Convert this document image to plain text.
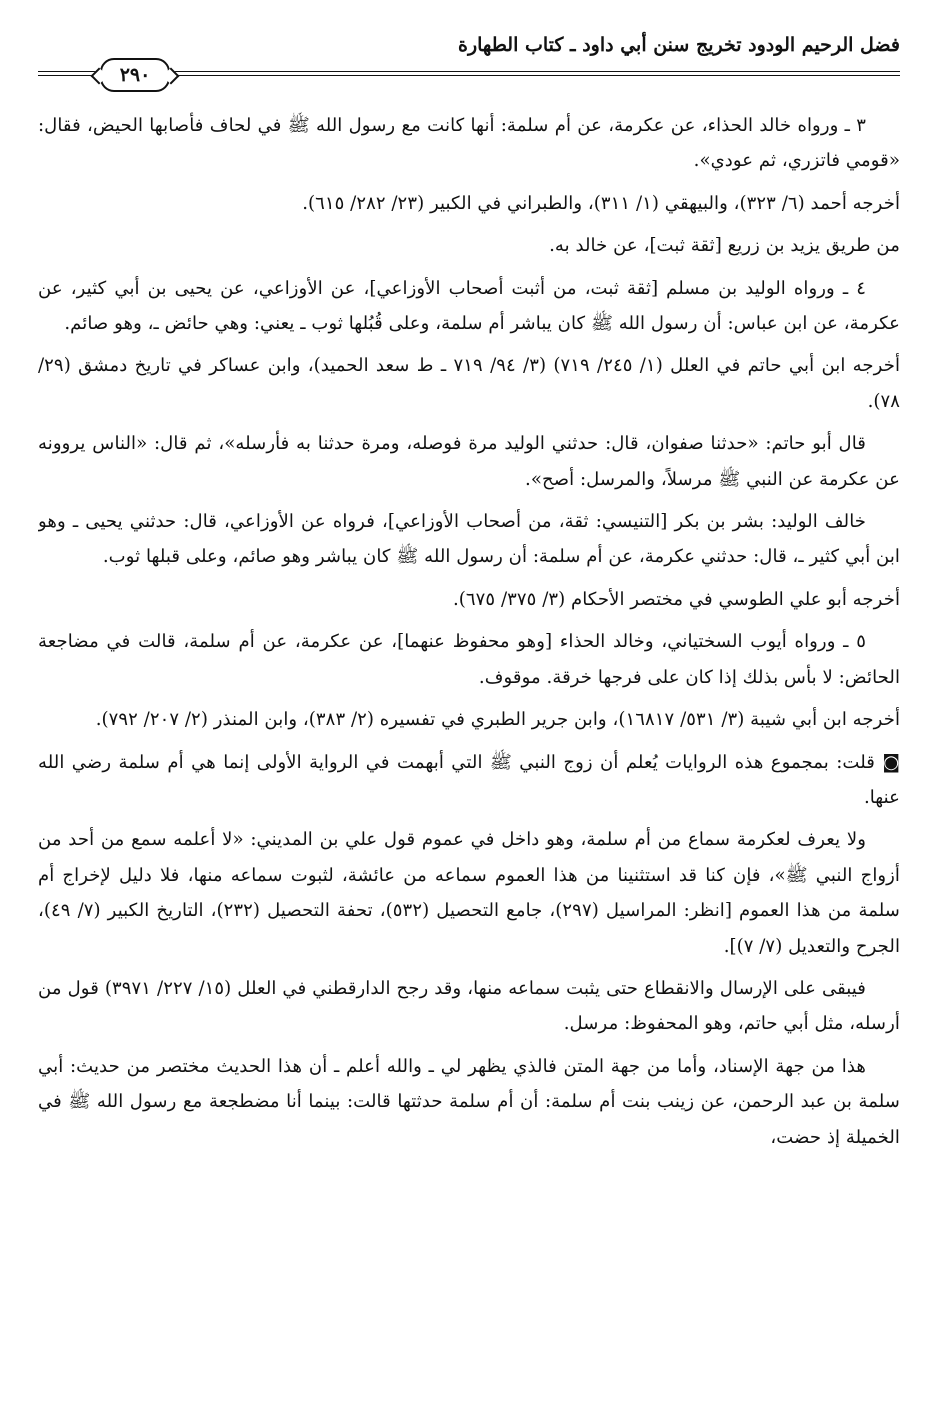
فضل الرحيم الودود تخريج سنن أبي داود ـ كتاب الطهارة
٢٩٠

٣ ـ ورواه خالد الحذاء، عن عكرمة، عن أم سلمة: أنها كانت مع رسول الله ﷺ في لحاف فأصابها الحيض، فقال: «قومي فاتزري، ثم عودي».

أخرجه أحمد (٦/ ٣٢٣)، والبيهقي (١/ ٣١١)، والطبراني في الكبير (٢٣/ ٢٨٢/ ٦١٥).

من طريق يزيد بن زريع [ثقة ثبت]، عن خالد به.

٤ ـ ورواه الوليد بن مسلم [ثقة ثبت، من أثبت أصحاب الأوزاعي]، عن الأوزاعي، عن يحيى بن أبي كثير، عن عكرمة، عن ابن عباس: أن رسول الله ﷺ كان يباشر أم سلمة، وعلى قُبُلها ثوب ـ يعني: وهي حائض ـ، وهو صائم.

أخرجه ابن أبي حاتم في العلل (١/ ٢٤٥/ ٧١٩) (٣/ ٩٤/ ٧١٩ ـ ط سعد الحميد)، وابن عساكر في تاريخ دمشق (٢٩/ ٧٨).

قال أبو حاتم: «حدثنا صفوان، قال: حدثني الوليد مرة فوصله، ومرة حدثنا به فأرسله»، ثم قال: «الناس يروونه عن عكرمة عن النبي ﷺ مرسلاً، والمرسل: أصح».

خالف الوليد: بشر بن بكر [التنيسي: ثقة، من أصحاب الأوزاعي]، فرواه عن الأوزاعي، قال: حدثني يحيى ـ وهو ابن أبي كثير ـ، قال: حدثني عكرمة، عن أم سلمة: أن رسول الله ﷺ كان يباشر وهو صائم، وعلى قبلها ثوب.

أخرجه أبو علي الطوسي في مختصر الأحكام (٣/ ٣٧٥/ ٦٧٥).

٥ ـ ورواه أيوب السختياني، وخالد الحذاء [وهو محفوظ عنهما]، عن عكرمة، عن أم سلمة، قالت في مضاجعة الحائض: لا بأس بذلك إذا كان على فرجها خرقة. موقوف.

أخرجه ابن أبي شيبة (٣/ ٥٣١/ ١٦٨١٧)، وابن جرير الطبري في تفسيره (٢/ ٣٨٣)، وابن المنذر (٢/ ٢٠٧/ ٧٩٢).

◙ قلت: بمجموع هذه الروايات يُعلم أن زوج النبي ﷺ التي أبهمت في الرواية الأولى إنما هي أم سلمة رضي الله عنها.

ولا يعرف لعكرمة سماع من أم سلمة، وهو داخل في عموم قول علي بن المديني: «لا أعلمه سمع من أحد من أزواج النبي ﷺ»، فإن كنا قد استثنينا من هذا العموم سماعه من عائشة، لثبوت سماعه منها، فلا دليل لإخراج أم سلمة من هذا العموم [انظر: المراسيل (٢٩٧)، جامع التحصيل (٥٣٢)، تحفة التحصيل (٢٣٢)، التاريخ الكبير (٧/ ٤٩)، الجرح والتعديل (٧/ ٧)].

فيبقى على الإرسال والانقطاع حتى يثبت سماعه منها، وقد رجح الدارقطني في العلل (١٥/ ٢٢٧/ ٣٩٧١) قول من أرسله، مثل أبي حاتم، وهو المحفوظ: مرسل.

هذا من جهة الإسناد، وأما من جهة المتن فالذي يظهر لي ـ والله أعلم ـ أن هذا الحديث مختصر من حديث: أبي سلمة بن عبد الرحمن، عن زينب بنت أم سلمة: أن أم سلمة حدثتها قالت: بينما أنا مضطجعة مع رسول الله ﷺ في الخميلة إذ حضت،
